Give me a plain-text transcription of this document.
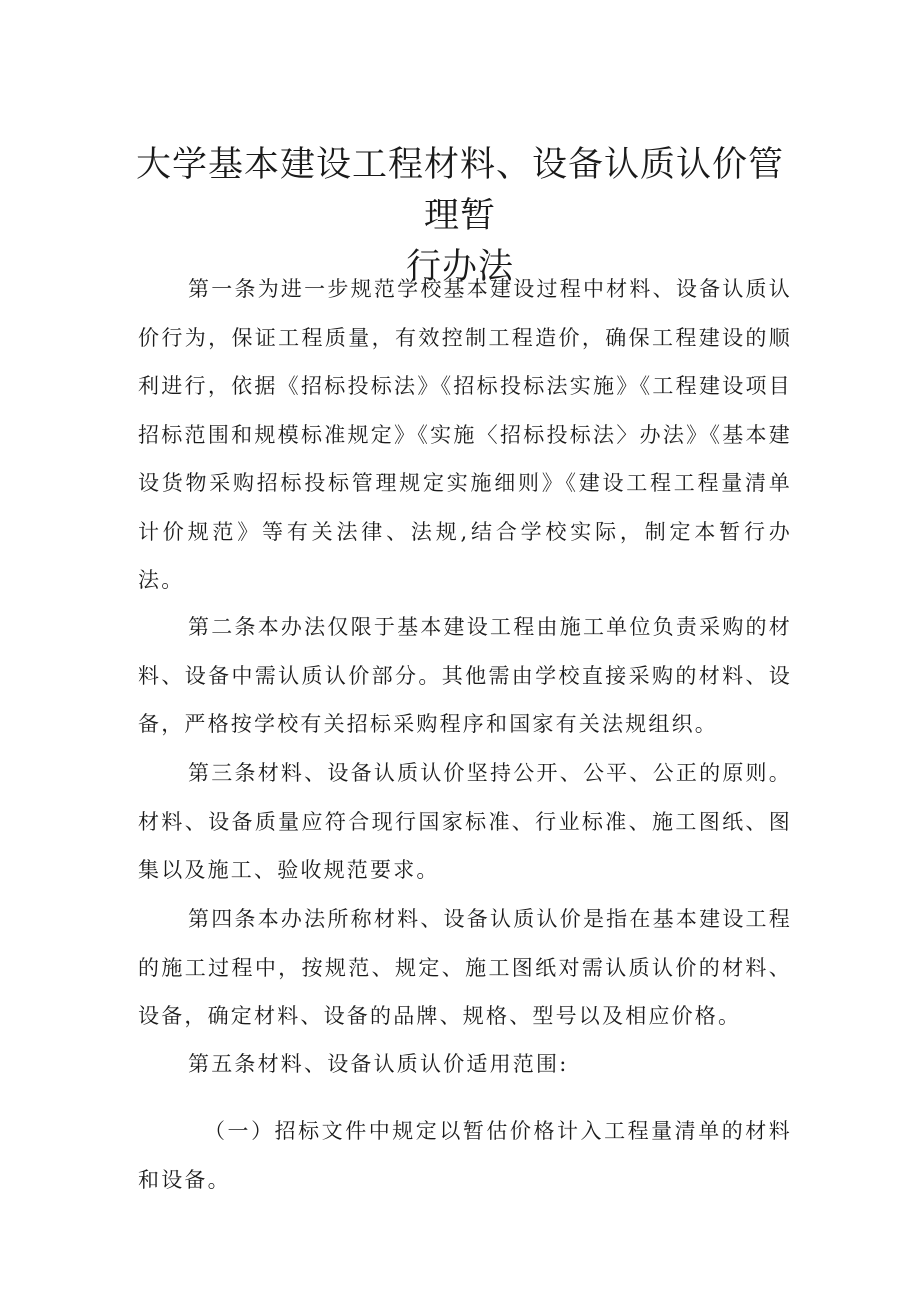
大学基本建设工程材料、设备认质认价管理暂
行办法

第一条为进一步规范学校基本建设过程中材料、设备认质认价行为，保证工程质量，有效控制工程造价，确保工程建设的顺利进行，依据《招标投标法》《招标投标法实施》《工程建设项目招标范围和规模标准规定》《实施〈招标投标法〉办法》《基本建设货物采购招标投标管理规定实施细则》《建设工程工程量清单计价规范》等有关法律、法规,结合学校实际，制定本暂行办法。

第二条本办法仅限于基本建设工程由施工单位负责采购的材料、设备中需认质认价部分。其他需由学校直接采购的材料、设备，严格按学校有关招标采购程序和国家有关法规组织。

第三条材料、设备认质认价坚持公开、公平、公正的原则。材料、设备质量应符合现行国家标准、行业标准、施工图纸、图集以及施工、验收规范要求。

第四条本办法所称材料、设备认质认价是指在基本建设工程的施工过程中，按规范、规定、施工图纸对需认质认价的材料、设备，确定材料、设备的品牌、规格、型号以及相应价格。

第五条材料、设备认质认价适用范围:

（一）招标文件中规定以暂估价格计入工程量清单的材料和设备。
